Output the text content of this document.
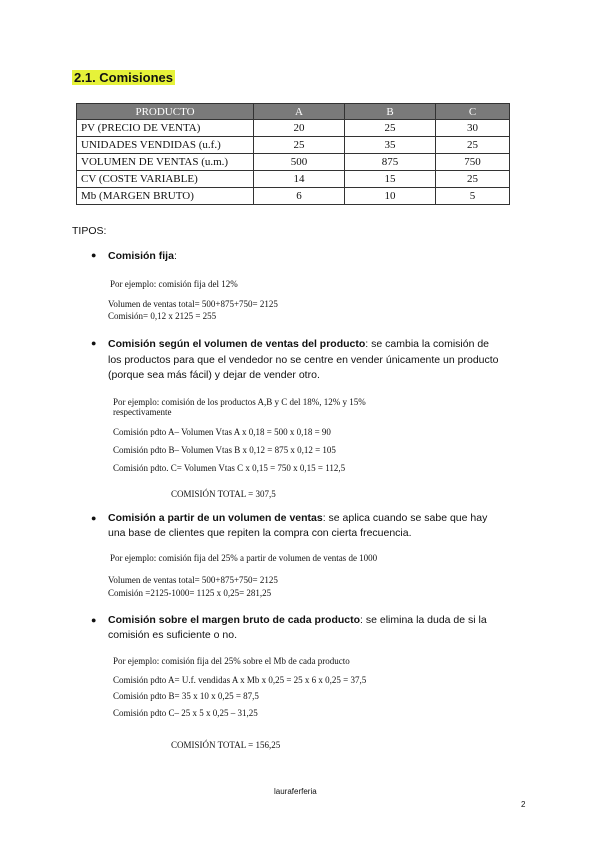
2.1. Comisiones
PRODUCTO	A	B	C
PV (PRECIO DE VENTA)	20	25	30
UNIDADES VENDIDAS (u.f.)	25	35	25
VOLUMEN DE VENTAS (u.m.)	500	875	750
CV (COSTE VARIABLE)	14	15	25
Mb (MARGEN BRUTO)	6	10	5
TIPOS:
● Comisión fija:
Por ejemplo: comisión fija del 12%
Volumen de ventas total= 500+875+750= 2125
Comisión= 0,12 x 2125 = 255
● Comisión según el volumen de ventas del producto: se cambia la comisión de
los productos para que el vendedor no se centre en vender únicamente un producto
(porque sea más fácil) y dejar de vender otro.
Por ejemplo: comisión de los productos A,B y C del 18%, 12% y 15%
respectivamente
Comisión pdto A– Volumen Vtas A x 0,18 = 500 x 0,18 = 90
Comisión pdto B– Volumen Vtas B x 0,12 = 875 x 0,12 = 105
Comisión pdto. C= Volumen Vtas C x 0,15 = 750 x 0,15 = 112,5
COMISIÓN TOTAL = 307,5
● Comisión a partir de un volumen de ventas: se aplica cuando se sabe que hay
una base de clientes que repiten la compra con cierta frecuencia.
Por ejemplo: comisión fija del 25% a partir de volumen de ventas de 1000
Volumen de ventas total= 500+875+750= 2125
Comisión =2125-1000= 1125 x 0,25= 281,25
● Comisión sobre el margen bruto de cada producto: se elimina la duda de si la
comisión es suficiente o no.
Por ejemplo: comisión fija del 25% sobre el Mb de cada producto
Comisión pdto A= U.f. vendidas A x Mb x 0,25 = 25 x 6 x 0,25 = 37,5
Comisión pdto B= 35 x 10 x 0,25 = 87,5
Comisión pdto C– 25 x 5 x 0,25 – 31,25
COMISIÓN TOTAL = 156,25
lauraferferia
2
